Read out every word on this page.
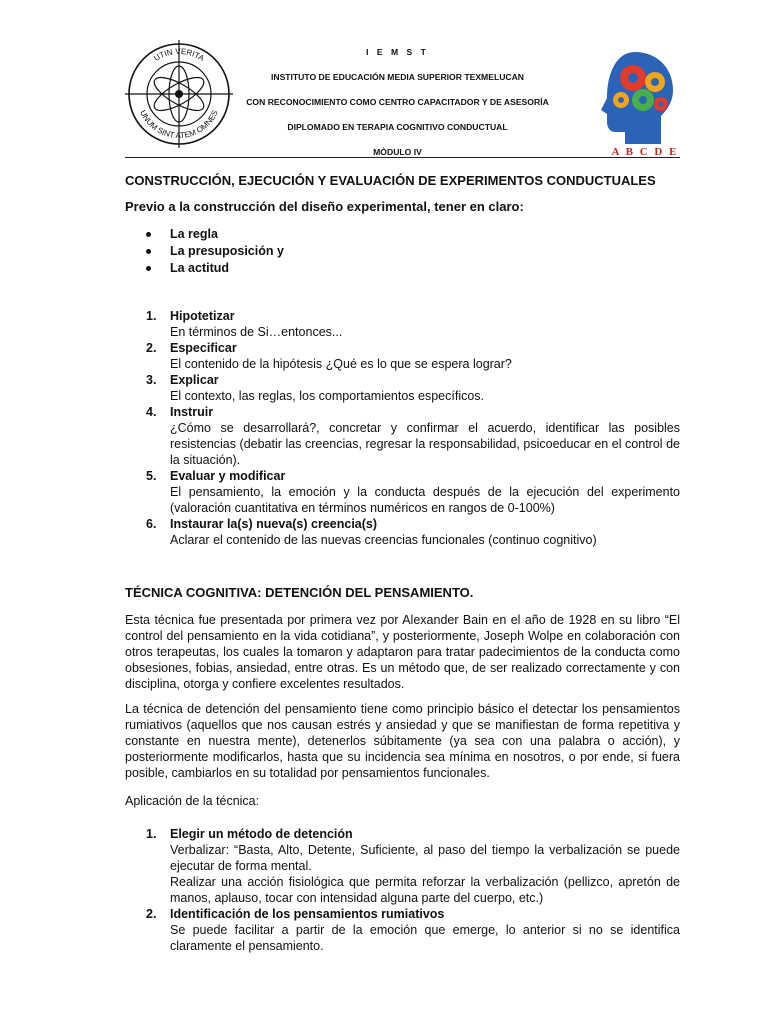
UTIN VERITA
UNUM SINT ATEM OMNES
I E M S T
INSTITUTO DE EDUCACIÓN MEDIA SUPERIOR TEXMELUCAN
CON RECONOCIMIENTO COMO CENTRO CAPACITADOR Y DE ASESORÍA
DIPLOMADO EN TERAPIA COGNITIVO CONDUCTUAL
MÒDULO IV	A B C D E
CONSTRUCCIÓN, EJECUCIÓN Y EVALUACIÓN DE EXPERIMENTOS CONDUCTUALES
Previo a la construcción del diseño experimental, tener en claro:
La regla
La presuposición y
La actitud
1. Hipotetizar
En términos de Si…entonces...
2. Especificar
El contenido de la hipótesis ¿Qué es lo que se espera lograr?
3. Explicar
El contexto, las reglas, los comportamientos específicos.
4. Instruir
¿Cómo se desarrollará?, concretar y confirmar el acuerdo, identificar las posibles resistencias (debatir las creencias, regresar la responsabilidad, psicoeducar en el control de la situación).
5. Evaluar y modificar
El pensamiento, la emoción y la conducta después de la ejecución del experimento (valoración cuantitativa en términos numéricos en rangos de 0-100%)
6. Instaurar la(s) nueva(s) creencia(s)
Aclarar el contenido de las nuevas creencias funcionales (continuo cognitivo)
TÉCNICA COGNITIVA: DETENCIÓN DEL PENSAMIENTO.
Esta técnica fue presentada por primera vez por Alexander Bain en el año de 1928 en su libro “El control del pensamiento en la vida cotidiana”, y posteriormente, Joseph Wolpe en colaboración con otros terapeutas, los cuales la tomaron y adaptaron para tratar padecimientos de la conducta como obsesiones, fobias, ansiedad, entre otras. Es un método que, de ser realizado correctamente y con disciplina, otorga y confiere excelentes resultados.
La técnica de detención del pensamiento tiene como principio básico el detectar los pensamientos rumiativos (aquellos que nos causan estrés y ansiedad y que se manifiestan de forma repetitiva y constante en nuestra mente), detenerlos súbitamente (ya sea con una palabra o acción), y posteriormente modificarlos, hasta que su incidencia sea mínima en nosotros, o por ende, si fuera posible, cambiarlos en su totalidad por pensamientos funcionales.
Aplicación de la técnica:
1. Elegir un método de detención
Verbalizar: “Basta, Alto, Detente, Suficiente, al paso del tiempo la verbalización se puede ejecutar de forma mental.
Realizar una acción fisiológica que permita reforzar la verbalización (pellizco, apretón de manos, aplauso, tocar con intensidad alguna parte del cuerpo, etc.)
2. Identificación de los pensamientos rumiativos
Se puede facilitar a partir de la emoción que emerge, lo anterior si no se identifica claramente el pensamiento.
